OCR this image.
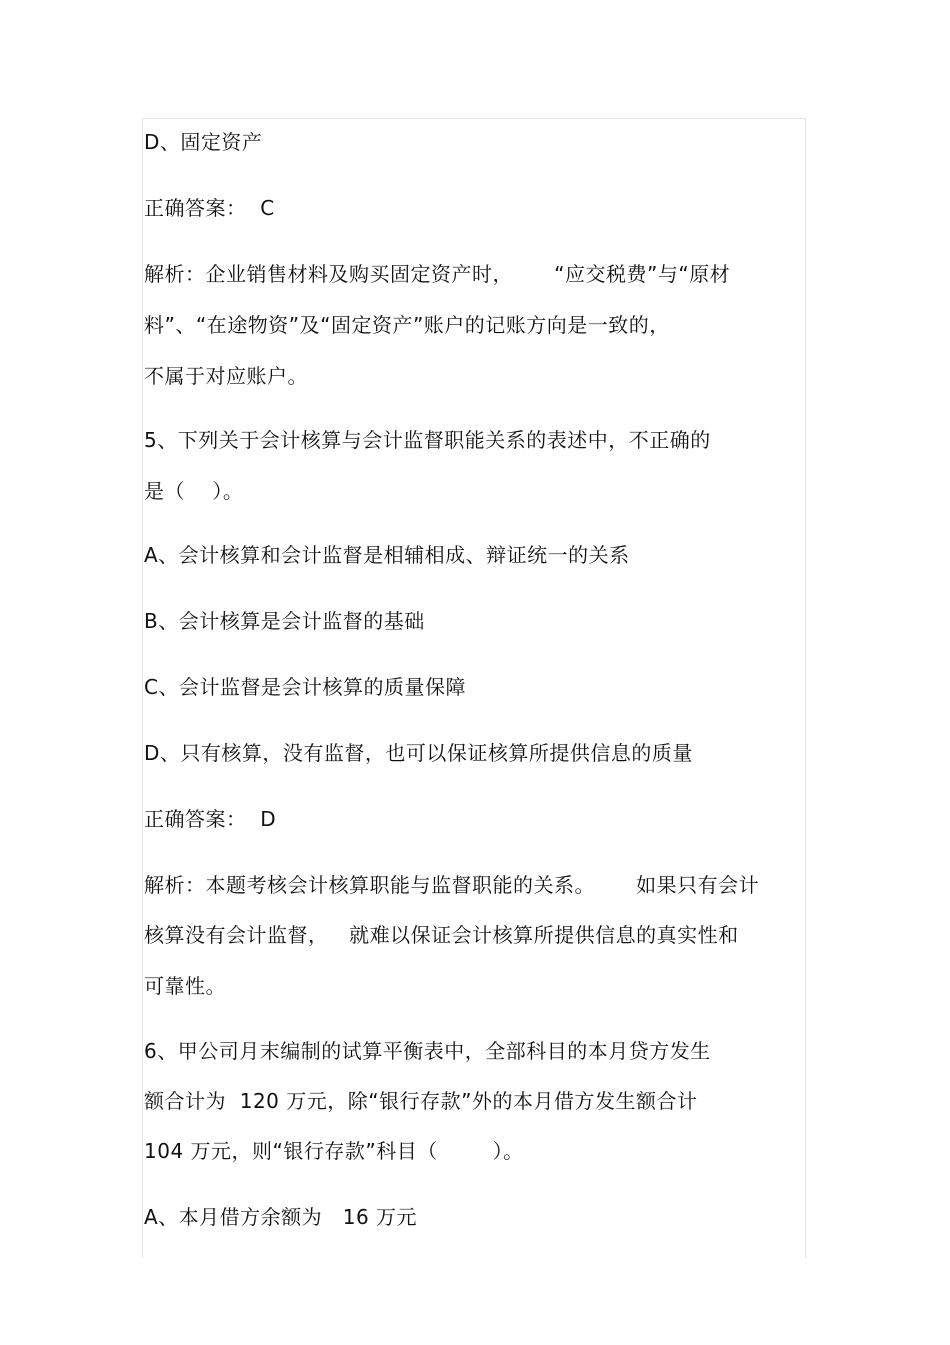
D、固定资产
正确答案：  C
解析：企业销售材料及购买固定资产时，      “应交税费”与“原材
料”、“在途物资”及“固定资产”账户的记账方向是一致的，
不属于对应账户。
5、下列关于会计核算与会计监督职能关系的表述中，不正确的
是（    ）。
A、会计核算和会计监督是相辅相成、辩证统一的关系
B、会计核算是会计监督的基础
C、会计监督是会计核算的质量保障
D、只有核算，没有监督，也可以保证核算所提供信息的质量
正确答案：  D
解析：本题考核会计核算职能与监督职能的关系。      如果只有会计
核算没有会计监督，   就难以保证会计核算所提供信息的真实性和
可靠性。
6、甲公司月末编制的试算平衡表中，全部科目的本月贷方发生
额合计为  120 万元，除“银行存款”外的本月借方发生额合计
104 万元，则“银行存款”科目（        ）。
A、本月借方余额为   16 万元
